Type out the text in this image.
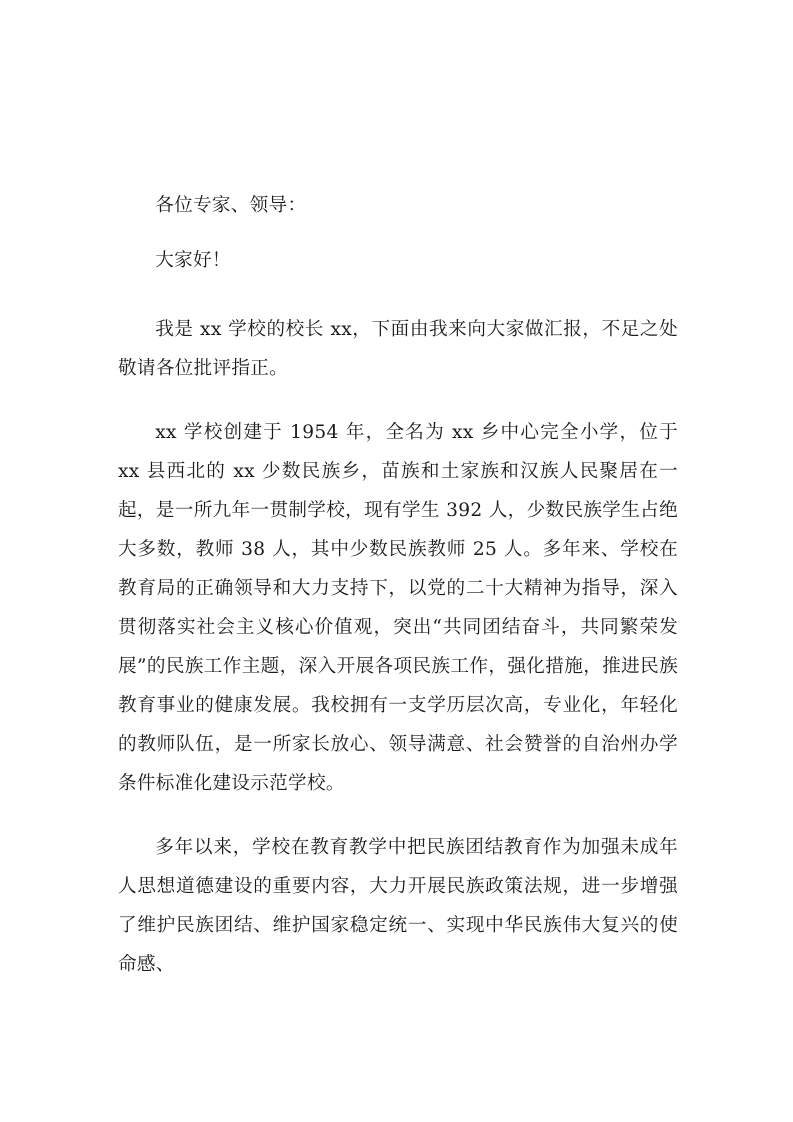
各位专家、领导：

大家好！

我是 xx 学校的校长 xx，下面由我来向大家做汇报，不足之处敬请各位批评指正。

xx 学校创建于 1954 年，全名为 xx 乡中心完全小学，位于 xx 县西北的 xx 少数民族乡，苗族和土家族和汉族人民聚居在一起，是一所九年一贯制学校，现有学生 392 人，少数民族学生占绝大多数，教师 38 人，其中少数民族教师 25 人。多年来、学校在教育局的正确领导和大力支持下，以党的二十大精神为指导，深入贯彻落实社会主义核心价值观，突出“共同团结奋斗，共同繁荣发展”的民族工作主题，深入开展各项民族工作，强化措施，推进民族教育事业的健康发展。我校拥有一支学历层次高，专业化，年轻化的教师队伍，是一所家长放心、领导满意、社会赞誉的自治州办学条件标准化建设示范学校。

多年以来，学校在教育教学中把民族团结教育作为加强未成年人思想道德建设的重要内容，大力开展民族政策法规，进一步增强了维护民族团结、维护国家稳定统一、实现中华民族伟大复兴的使命感、
